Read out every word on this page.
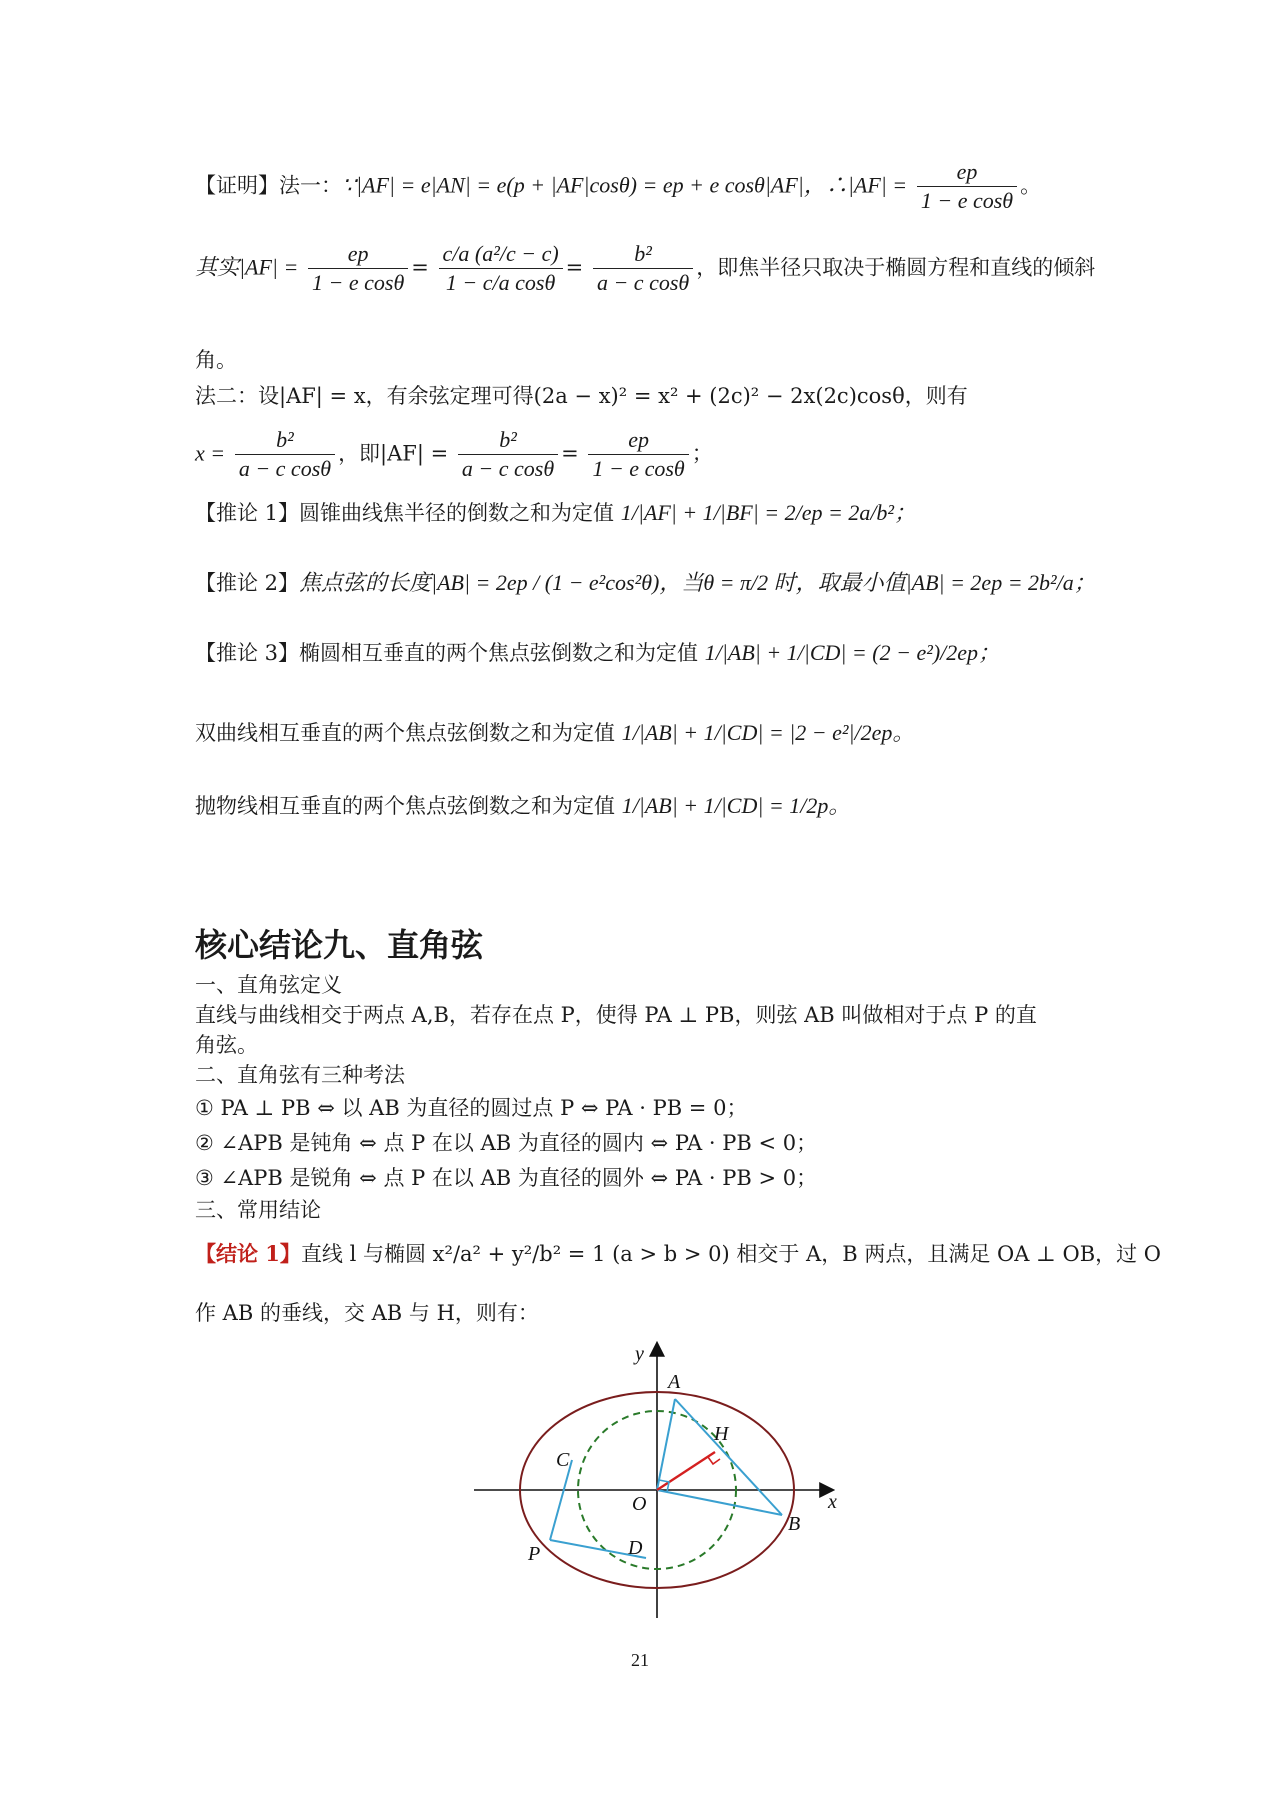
【证明】法一：∵|AF| = e|AN| = e(p + |AF|cosθ) = ep + e cosθ|AF|，∴|AF| = $\frac{ep}{\text{1 − e cosθ}}$ 。
其实$|AF| = \frac{ep}{\text{1 − e cosθ}} = \frac{\text{c/a (a²/c − c)}}{\text{1 − c/a cosθ}} = \frac{\text{b²}}{\text{a − c cosθ}}$ ，即焦半径只取决于椭圆方程和直线的倾斜
角。
法二：设|AF| = x，有余弦定理可得(2a − x)² = x² + (2c)² − 2x(2c)cosθ，则有
$x = \frac{\text{b²}}{\text{a − c cosθ}}$ ，即$|AF| = \frac{\text{b²}}{\text{a − c cosθ}} = \frac{ep}{\text{1 − e cosθ}}$ ；
【推论 1】圆锥曲线焦半径的倒数之和为定值 1/|AF| + 1/|BF| = 2/ep = 2a/b²；
【推论 2】焦点弦的长度|AB| = 2ep / (1 − e²cos²θ)，当θ = π/2 时，取最小值|AB| = 2ep = 2b²/a；
【推论 3】椭圆相互垂直的两个焦点弦倒数之和为定值 1/|AB| + 1/|CD| = (2 − e²)/2ep；
双曲线相互垂直的两个焦点弦倒数之和为定值 1/|AB| + 1/|CD| = |2 − e²|/2ep。
抛物线相互垂直的两个焦点弦倒数之和为定值 1/|AB| + 1/|CD| = 1/2p。
核心结论九、直角弦
一、直角弦定义
直线与曲线相交于两点 A,B，若存在点 P，使得 PA ⊥ PB，则弦 AB 叫做相对于点 P 的直
角弦。
二、直角弦有三种考法
① PA ⊥ PB ⇔ 以 AB 为直径的圆过点 P ⇔ PA · PB = 0；
② ∠APB 是钝角 ⇔ 点 P 在以 AB 为直径的圆内 ⇔ PA · PB < 0；
③ ∠APB 是锐角 ⇔ 点 P 在以 AB 为直径的圆外 ⇔ PA · PB > 0；
三、常用结论
【结论 1】直线 l 与椭圆 x²/a² + y²/b² = 1 (a > b > 0) 相交于 A，B 两点，且满足 OA ⊥ OB，过 O
作 AB 的垂线，交 AB 与 H，则有：
y
x
A
H
C
O
B
P	D
21
